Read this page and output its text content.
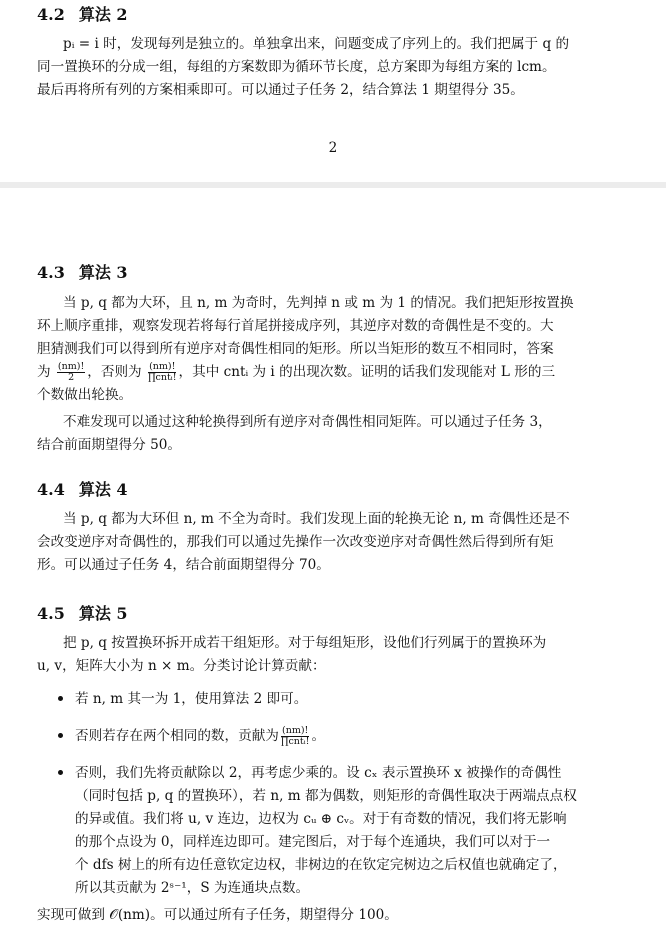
4.2 算法 2
pᵢ = i 时，发现每列是独立的。单独拿出来，问题变成了序列上的。我们把属于 q 的
同一置换环的分成一组，每组的方案数即为循环节长度，总方案即为每组方案的 lcm。
最后再将所有列的方案相乘即可。可以通过子任务 2，结合算法 1 期望得分 35。
2
4.3 算法 3
当 p, q 都为大环，且 n, m 为奇时，先判掉 n 或 m 为 1 的情况。我们把矩形按置换
环上顺序重排，观察发现若将每行首尾拼接成序列，其逆序对数的奇偶性是不变的。大
胆猜测我们可以得到所有逆序对奇偶性相同的矩形。所以当矩形的数互不相同时，答案
为 $\frac{(nm)!}{2}$ ，否则为 $\frac{(nm)!}{\text{∏cntᵢ!}}$ ，其中 cntᵢ 为 i 的出现次数。证明的话我们发现能对 L 形的三
个数做出轮换。
不难发现可以通过这种轮换得到所有逆序对奇偶性相同矩阵。可以通过子任务 3，
结合前面期望得分 50。
4.4 算法 4
当 p, q 都为大环但 n, m 不全为奇时。我们发现上面的轮换无论 n, m 奇偶性还是不
会改变逆序对奇偶性的，那我们可以通过先操作一次改变逆序对奇偶性然后得到所有矩
形。可以通过子任务 4，结合前面期望得分 70。
4.5 算法 5
把 p, q 按置换环拆开成若干组矩形。对于每组矩形，设他们行列属于的置换环为
u, v，矩阵大小为 n × m。分类讨论计算贡献：
若 n, m 其一为 1，使用算法 2 即可。
否则若存在两个相同的数，贡献为 $\frac{(nm)!}{\text{∏cntᵢ!}}$ 。
否则，我们先将贡献除以 2，再考虑少乘的。设 cₓ 表示置换环 x 被操作的奇偶性
（同时包括 p, q 的置换环），若 n, m 都为偶数，则矩形的奇偶性取决于两端点点权
的异或值。我们将 u, v 连边，边权为 cᵤ ⊕ cᵥ。对于有奇数的情况，我们将无影响
的那个点设为 0，同样连边即可。建完图后，对于每个连通块，我们可以对于一
个 dfs 树上的所有边任意钦定边权，非树边的在钦定完树边之后权值也就确定了，
所以其贡献为 2ˢ⁻¹，S 为连通块点数。
实现可做到 𝒪(nm)。可以通过所有子任务，期望得分 100。
